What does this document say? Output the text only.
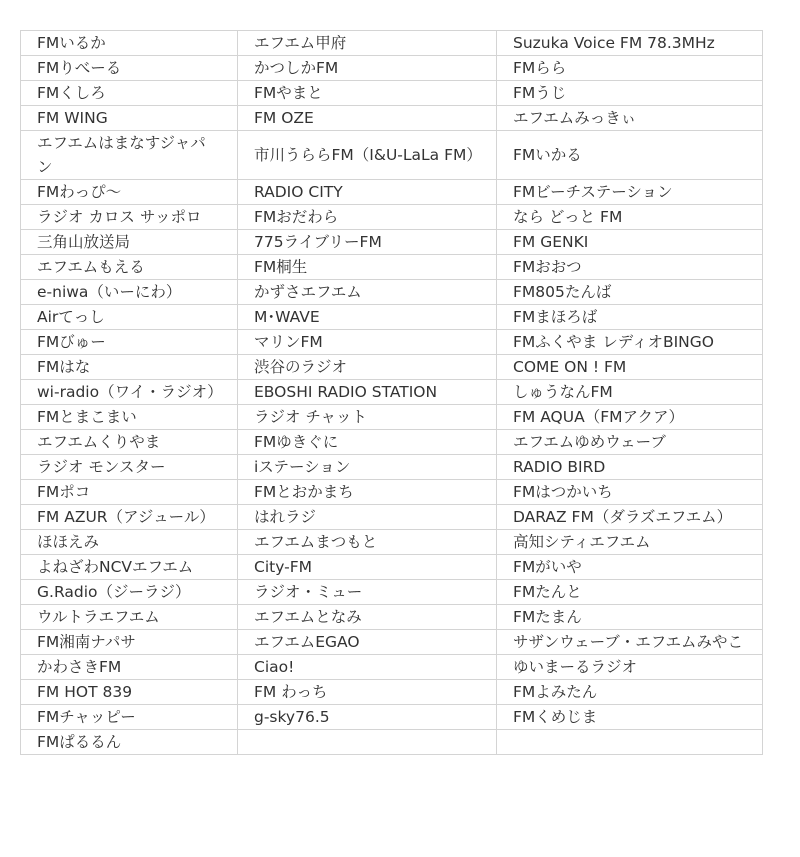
FMいるか	エフエム甲府	Suzuka Voice FM 78.3MHz
FMりべーる	かつしかFM	FMらら
FMくしろ	FMやまと	FMうじ
FM WING	FM OZE	エフエムみっきぃ
エフエムはまなすジャパン	市川うららFM（I&U-LaLa FM）	FMいかる
FMわっぴ～	RADIO CITY	FMビーチステーション
ラジオ カロス サッポロ	FMおだわら	なら どっと FM
三角山放送局	775ライブリーFM	FM GENKI
エフエムもえる	FM桐生	FMおおつ
e-niwa（いーにわ）	かずさエフエム	FM805たんば
Airてっし	M･WAVE	FMまほろば
FMびゅー	マリンFM	FMふくやま レディオBINGO
FMはな	渋谷のラジオ	COME ON ! FM
wi-radio（ワイ・ラジオ）	EBOSHI RADIO STATION	しゅうなんFM
FMとまこまい	ラジオ チャット	FM AQUA（FMアクア）
エフエムくりやま	FMゆきぐに	エフエムゆめウェーブ
ラジオ モンスター	iステーション	RADIO BIRD
FMポコ	FMとおかまち	FMはつかいち
FM AZUR（アジュール）	はれラジ	DARAZ FM（ダラズエフエム）
ほほえみ	エフエムまつもと	高知シティエフエム
よねざわNCVエフエム	City-FM	FMがいや
G.Radio（ジーラジ）	ラジオ・ミュー	FMたんと
ウルトラエフエム	エフエムとなみ	FMたまん
FM湘南ナパサ	エフエムEGAO	サザンウェーブ・エフエムみやこ
かわさきFM	Ciao!	ゆいまーるラジオ
FM HOT 839	FM わっち	FMよみたん
FMチャッピー	g-sky76.5	FMくめじま
FMぱるるん		
